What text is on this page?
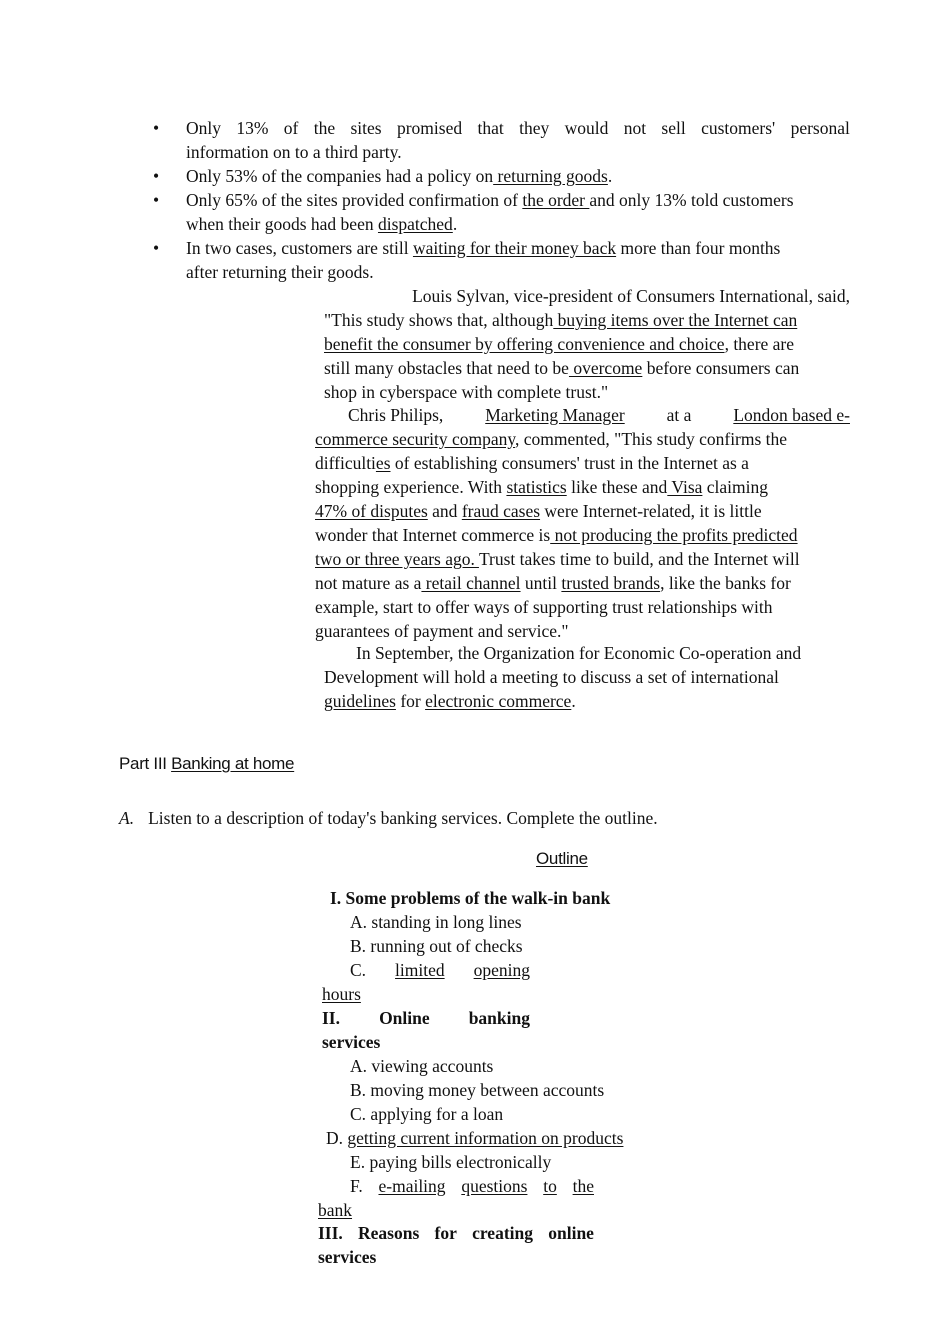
• Only 13% of the sites promised that they would not sell customers' personal
information on to a third party.
• Only 53% of the companies had a policy on returning goods.
• Only 65% of the sites provided confirmation of the order and only 13% told customers
when their goods had been dispatched.
• In two cases, customers are still waiting for their money back more than four months
after returning their goods.
Louis Sylvan, vice-president of Consumers International, said,
"This study shows that, although buying items over the Internet can
benefit the consumer by offering convenience and choice, there are
still many obstacles that need to be overcome before consumers can
shop in cyberspace with complete trust."
Chris Philips, Marketing Manager at a London based e-
commerce security company, commented, "This study confirms the
difficulties of establishing consumers' trust in the Internet as a
shopping experience. With statistics like these and Visa claiming
47% of disputes and fraud cases were Internet-related, it is little
wonder that Internet commerce is not producing the profits predicted
two or three years ago. Trust takes time to build, and the Internet will
not mature as a retail channel until trusted brands, like the banks for
example, start to offer ways of supporting trust relationships with
guarantees of payment and service."
In September, the Organization for Economic Co-operation and
Development will hold a meeting to discuss a set of international
guidelines for electronic commerce.
Part III Banking at home
A. Listen to a description of today's banking services. Complete the outline.
Outline
I. Some problems of the walk-in bank
A. standing in long lines
B. running out of checks
C. limited opening
hours
II. Online banking
services
A. viewing accounts
B. moving money between accounts
C. applying for a loan
D. getting current information on products
E. paying bills electronically
F. e-mailing questions to the
bank
III. Reasons for creating online
services
